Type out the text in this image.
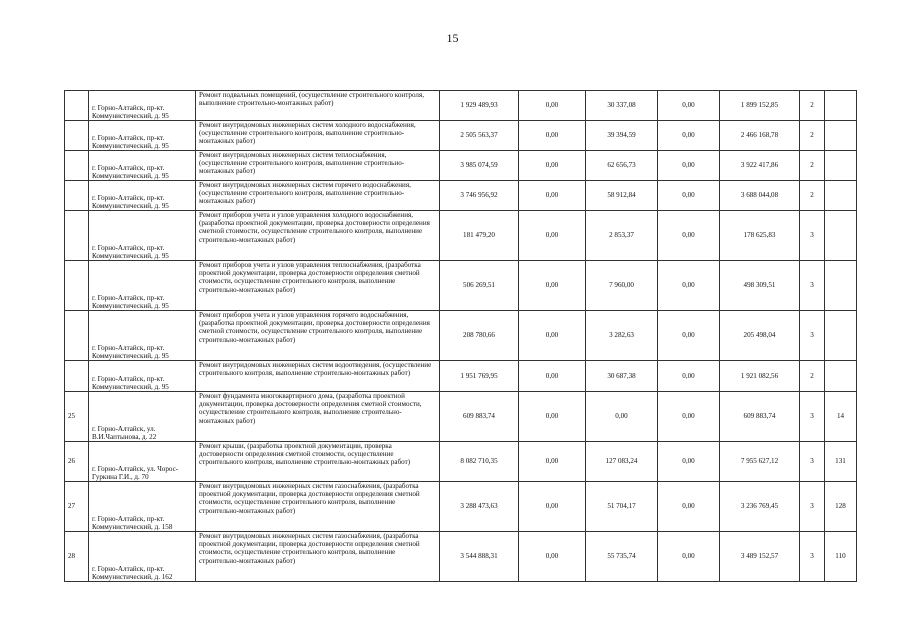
15
	г. Горно-Алтайск, пр-кт. Коммунистический, д. 95	Ремонт подвальных помещений, (осуществление строительного контроля, выполнение строительно-монтажных работ)	1 929 489,93	0,00	30 337,08	0,00	1 899 152,85	2	
	г. Горно-Алтайск, пр-кт. Коммунистический, д. 95	Ремонт внутридомовых инженерных систем холодного водоснабжения, (осуществление строительного контроля, выполнение строительно-монтажных работ)	2 505 563,37	0,00	39 394,59	0,00	2 466 168,78	2	
	г. Горно-Алтайск, пр-кт. Коммунистический, д. 95	Ремонт внутридомовых инженерных систем теплоснабжения, (осуществление строительного контроля, выполнение строительно-монтажных работ)	3 985 074,59	0,00	62 656,73	0,00	3 922 417,86	2	
	г. Горно-Алтайск, пр-кт. Коммунистический, д. 95	Ремонт внутридомовых инженерных систем горячего водоснабжения, (осуществление строительного контроля, выполнение строительно-монтажных работ)	3 746 956,92	0,00	58 912,84	0,00	3 688 044,08	2	
	г. Горно-Алтайск, пр-кт. Коммунистический, д. 95	Ремонт приборов учета и узлов управления холодного водоснабжения, (разработка проектной документации, проверка достоверности определения сметной стоимости, осуществление строительного контроля, выполнение строительно-монтажных работ)	181 479,20	0,00	2 853,37	0,00	178 625,83	3	
	г. Горно-Алтайск, пр-кт. Коммунистический, д. 95	Ремонт приборов учета и узлов управления теплоснабжения, (разработка проектной документации, проверка достоверности определения сметной стоимости, осуществление строительного контроля, выполнение строительно-монтажных работ)	506 269,51	0,00	7 960,00	0,00	498 309,51	3	
	г. Горно-Алтайск, пр-кт. Коммунистический, д. 95	Ремонт приборов учета и узлов управления горячего водоснабжения, (разработка проектной документации, проверка достоверности определения сметной стоимости, осуществление строительного контроля, выполнение строительно-монтажных работ)	208 780,66	0,00	3 282,63	0,00	205 498,04	3	
	г. Горно-Алтайск, пр-кт. Коммунистический, д. 95	Ремонт внутридомовых инженерных систем водоотведения, (осуществление строительного контроля, выполнение строительно-монтажных работ)	1 951 769,95	0,00	30 687,38	0,00	1 921 082,56	2	
25	г. Горно-Алтайск, ул. В.И.Чаптынова, д. 22	Ремонт фундамента многоквартирного дома, (разработка проектной документации, проверка достоверности определения сметной стоимости, осуществление строительного контроля, выполнение строительно-монтажных работ)	609 883,74	0,00	0,00	0,00	609 883,74	3	14
26	г. Горно-Алтайск, ул. Чорос-Гуркина Г.И., д. 70	Ремонт крыши, (разработка проектной документации, проверка достоверности определения сметной стоимости, осуществление строительного контроля, выполнение строительно-монтажных работ)	8 082 710,35	0,00	127 083,24	0,00	7 955 627,12	3	131
27	г. Горно-Алтайск, пр-кт. Коммунистический, д. 158	Ремонт внутридомовых инженерных систем газоснабжения, (разработка проектной документации, проверка достоверности определения сметной стоимости, осуществление строительного контроля, выполнение строительно-монтажных работ)	3 288 473,63	0,00	51 704,17	0,00	3 236 769,45	3	128
28	г. Горно-Алтайск, пр-кт. Коммунистический, д. 162	Ремонт внутридомовых инженерных систем газоснабжения, (разработка проектной документации, проверка достоверности определения сметной стоимости, осуществление строительного контроля, выполнение строительно-монтажных работ)	3 544 888,31	0,00	55 735,74	0,00	3 489 152,57	3	110
